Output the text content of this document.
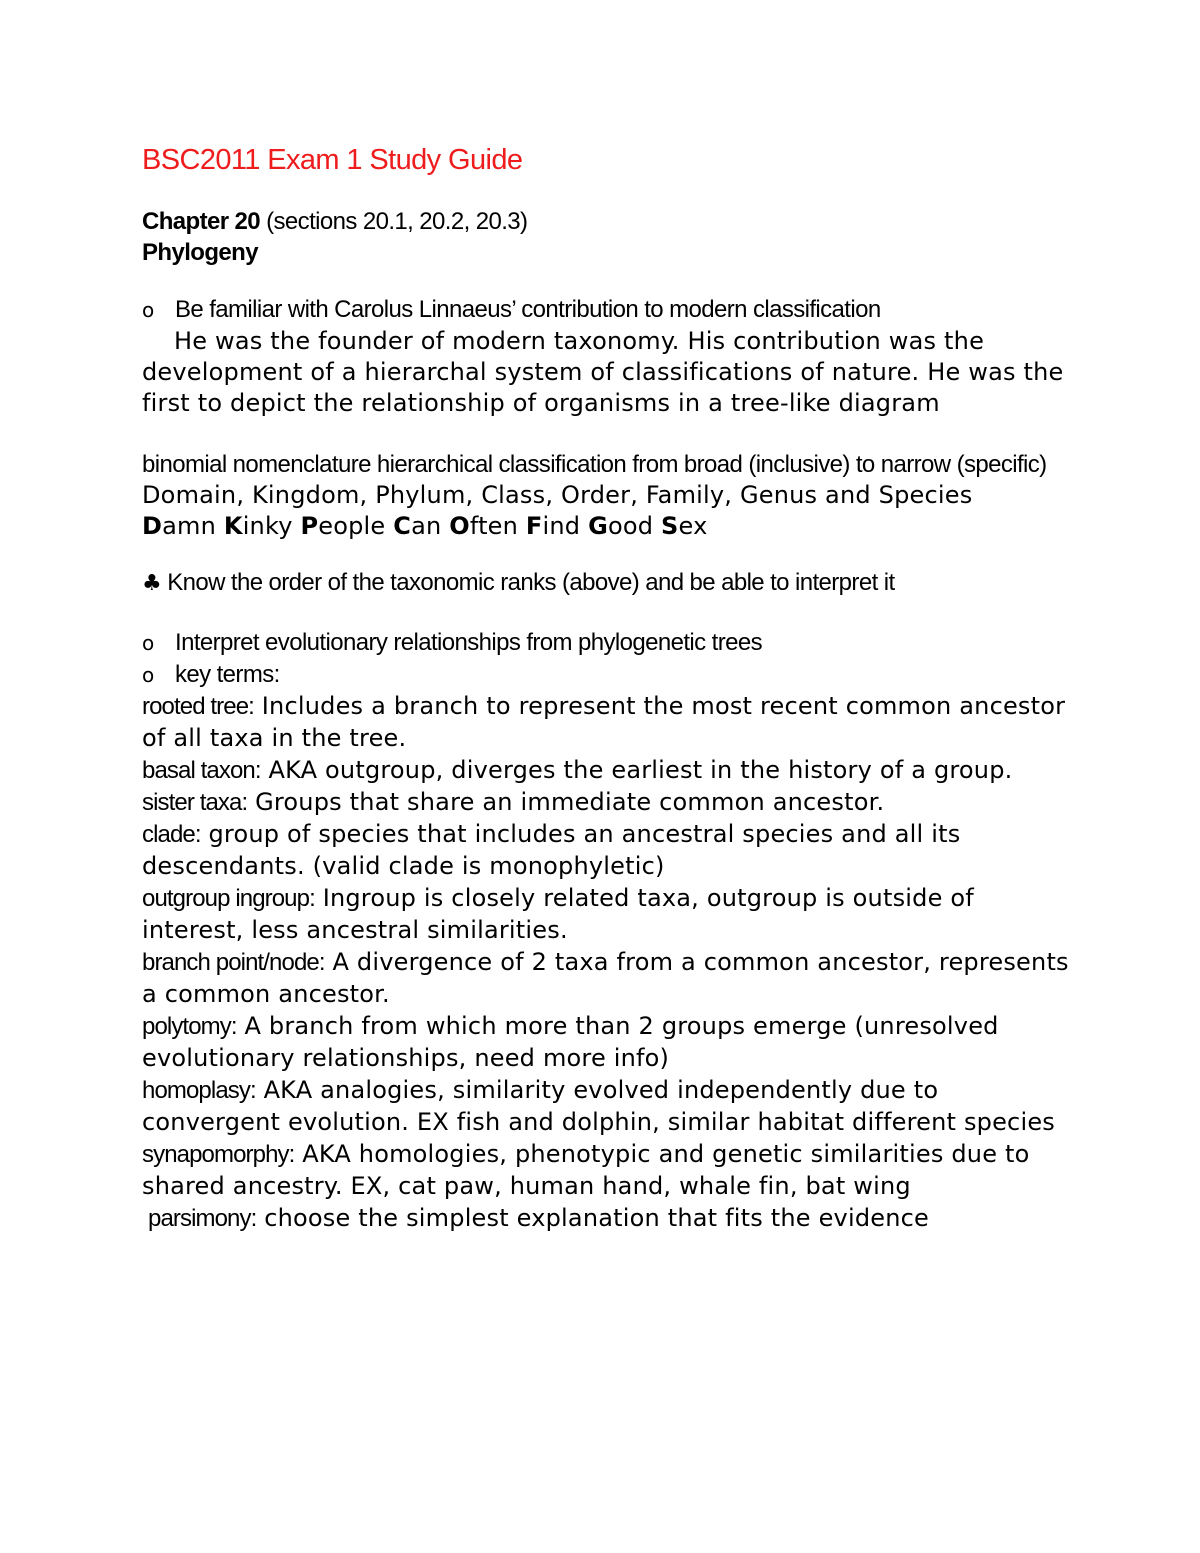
BSC2011 Exam 1 Study Guide
Chapter 20 (sections 20.1, 20.2, 20.3)
Phylogeny
o Be familiar with Carolus Linnaeus’ contribution to modern classification
He was the founder of modern taxonomy. His contribution was the development of a hierarchal system of classifications of nature. He was the first to depict the relationship of organisms in a tree-like diagram
binomial nomenclature hierarchical classification from broad (inclusive) to narrow (specific)
Domain, Kingdom, Phylum, Class, Order, Family, Genus and Species
Damn Kinky People Can Often Find Good Sex
♣ Know the order of the taxonomic ranks (above) and be able to interpret it
o Interpret evolutionary relationships from phylogenetic trees
o key terms:
rooted tree: Includes a branch to represent the most recent common ancestor of all taxa in the tree.
basal taxon: AKA outgroup, diverges the earliest in the history of a group.
sister taxa: Groups that share an immediate common ancestor.
clade: group of species that includes an ancestral species and all its descendants. (valid clade is monophyletic)
outgroup ingroup: Ingroup is closely related taxa, outgroup is outside of interest, less ancestral similarities.
branch point/node: A divergence of 2 taxa from a common ancestor, represents a common ancestor.
polytomy: A branch from which more than 2 groups emerge (unresolved evolutionary relationships, need more info)
homoplasy: AKA analogies, similarity evolved independently due to convergent evolution. EX fish and dolphin, similar habitat different species
synapomorphy: AKA homologies, phenotypic and genetic similarities due to shared ancestry. EX, cat paw, human hand, whale fin, bat wing
parsimony: choose the simplest explanation that fits the evidence
